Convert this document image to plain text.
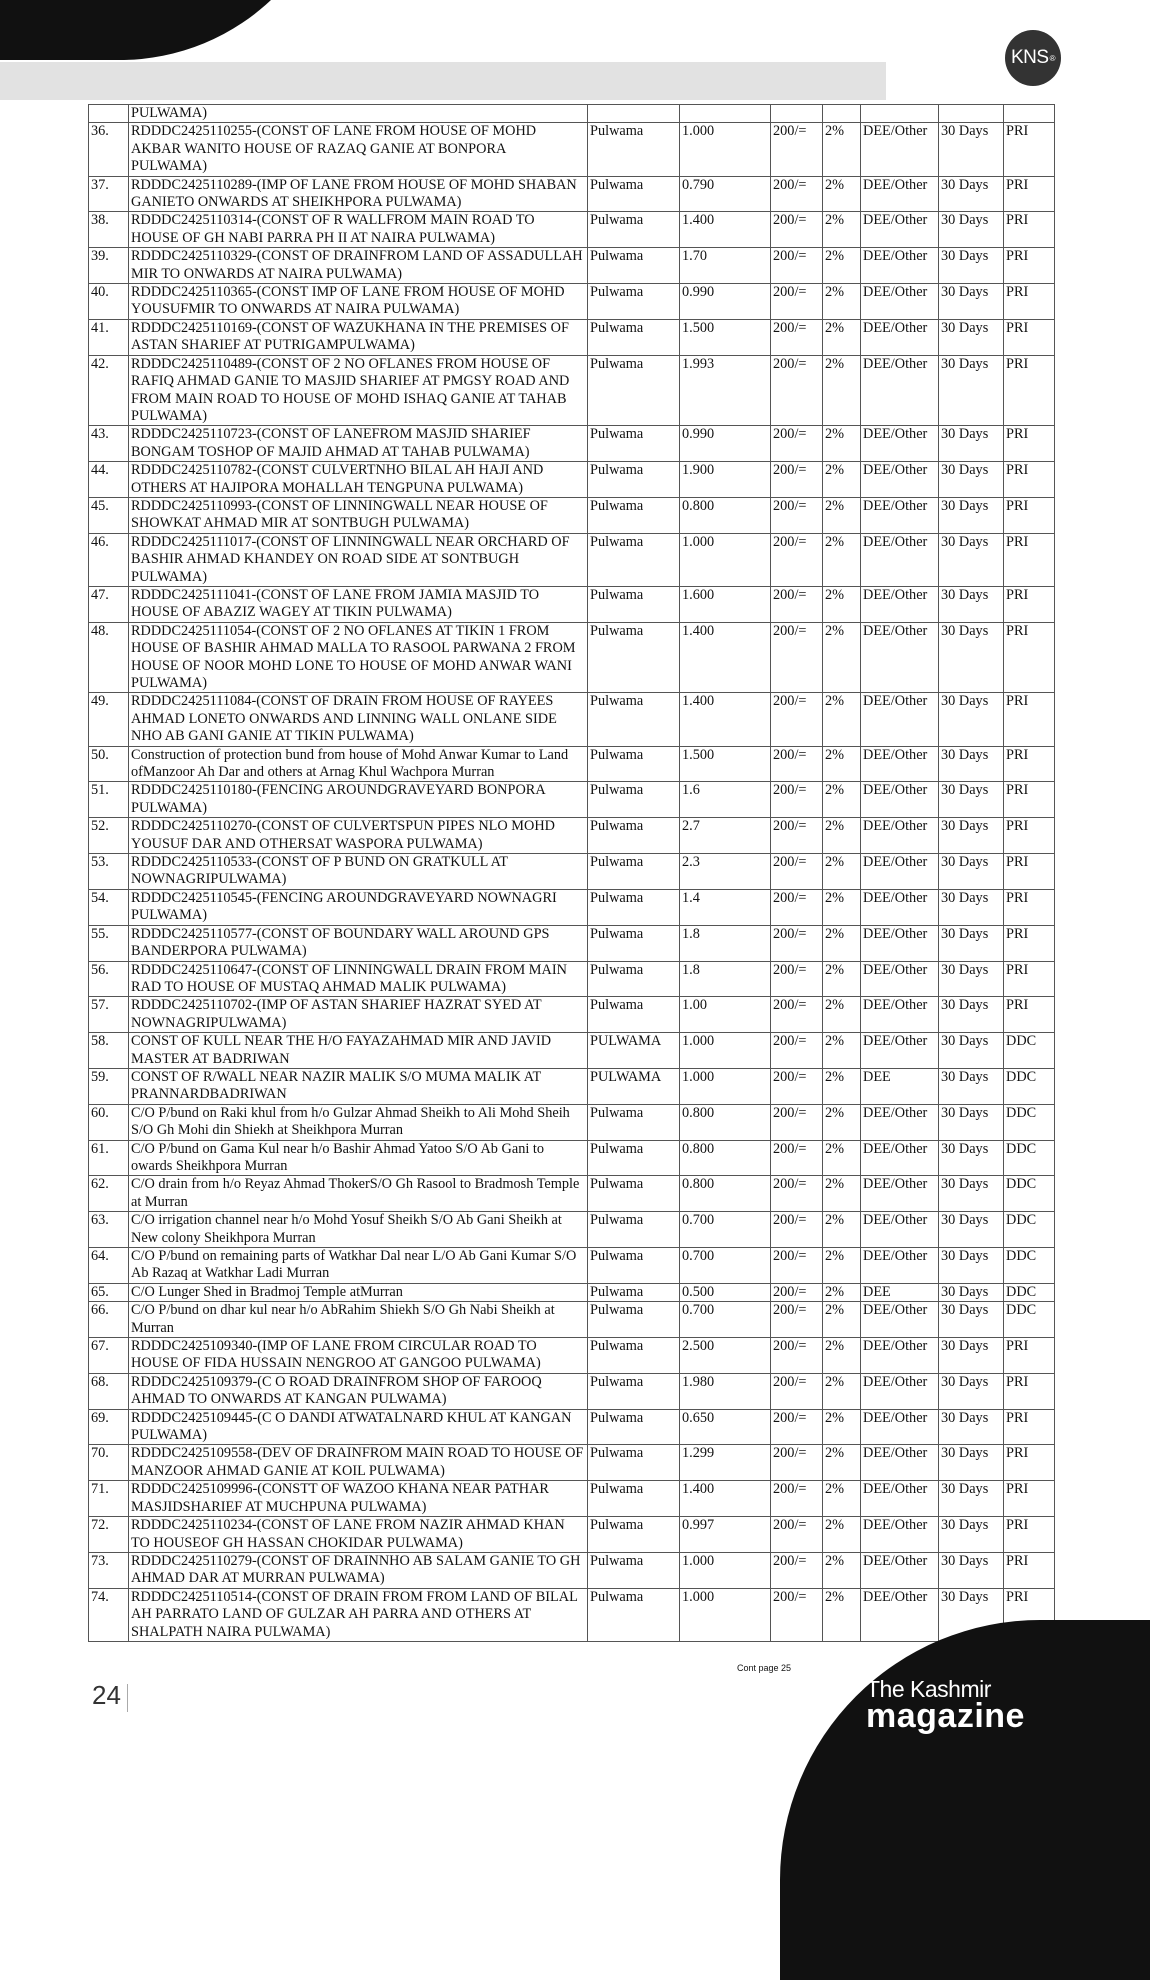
KNS ®
	PULWAMA)							
36.	RDDDC2425110255-(CONST OF LANE FROM HOUSE OF MOHD AKBAR WANITO HOUSE OF RAZAQ GANIE AT BONPORA PULWAMA)	Pulwama	1.000	200/=	2%	DEE/Other	30 Days	PRI
37.	RDDDC2425110289-(IMP OF LANE FROM HOUSE OF MOHD SHABAN GANIETO ONWARDS AT SHEIKHPORA PULWAMA)	Pulwama	0.790	200/=	2%	DEE/Other	30 Days	PRI
38.	RDDDC2425110314-(CONST OF R WALLFROM MAIN ROAD TO HOUSE OF GH NABI PARRA PH II AT NAIRA PULWAMA)	Pulwama	1.400	200/=	2%	DEE/Other	30 Days	PRI
39.	RDDDC2425110329-(CONST OF DRAINFROM LAND OF ASSADULLAH MIR TO ONWARDS AT NAIRA PULWAMA)	Pulwama	1.70	200/=	2%	DEE/Other	30 Days	PRI
40.	RDDDC2425110365-(CONST IMP OF LANE FROM HOUSE OF MOHD YOUSUFMIR TO ONWARDS AT NAIRA PULWAMA)	Pulwama	0.990	200/=	2%	DEE/Other	30 Days	PRI
41.	RDDDC2425110169-(CONST OF WAZUKHANA IN THE PREMISES OF ASTAN SHARIEF AT PUTRIGAMPULWAMA)	Pulwama	1.500	200/=	2%	DEE/Other	30 Days	PRI
42.	RDDDC2425110489-(CONST OF 2 NO OFLANES FROM HOUSE OF RAFIQ AHMAD GANIE TO MASJID SHARIEF AT PMGSY ROAD AND FROM MAIN ROAD TO HOUSE OF MOHD ISHAQ GANIE AT TAHAB PULWAMA)	Pulwama	1.993	200/=	2%	DEE/Other	30 Days	PRI
43.	RDDDC2425110723-(CONST OF LANEFROM MASJID SHARIEF BONGAM TOSHOP OF MAJID AHMAD AT TAHAB PULWAMA)	Pulwama	0.990	200/=	2%	DEE/Other	30 Days	PRI
44.	RDDDC2425110782-(CONST CULVERTNHO BILAL AH HAJI AND OTHERS AT HAJIPORA MOHALLAH TENGPUNA PULWAMA)	Pulwama	1.900	200/=	2%	DEE/Other	30 Days	PRI
45.	RDDDC2425110993-(CONST OF LINNINGWALL NEAR HOUSE OF SHOWKAT AHMAD MIR AT SONTBUGH PULWAMA)	Pulwama	0.800	200/=	2%	DEE/Other	30 Days	PRI
46.	RDDDC2425111017-(CONST OF LINNINGWALL NEAR ORCHARD OF BASHIR AHMAD KHANDEY ON ROAD SIDE AT SONTBUGH PULWAMA)	Pulwama	1.000	200/=	2%	DEE/Other	30 Days	PRI
47.	RDDDC2425111041-(CONST OF LANE FROM JAMIA MASJID TO HOUSE OF ABAZIZ WAGEY AT TIKIN PULWAMA)	Pulwama	1.600	200/=	2%	DEE/Other	30 Days	PRI
48.	RDDDC2425111054-(CONST OF 2 NO OFLANES AT TIKIN 1 FROM HOUSE OF BASHIR AHMAD MALLA TO RASOOL PARWANA 2 FROM HOUSE OF NOOR MOHD LONE TO HOUSE OF MOHD ANWAR WANI PULWAMA)	Pulwama	1.400	200/=	2%	DEE/Other	30 Days	PRI
49.	RDDDC2425111084-(CONST OF DRAIN FROM HOUSE OF RAYEES AHMAD LONETO ONWARDS AND LINNING WALL ONLANE SIDE NHO AB GANI GANIE AT TIKIN PULWAMA)	Pulwama	1.400	200/=	2%	DEE/Other	30 Days	PRI
50.	Construction of protection bund from house of Mohd Anwar Kumar to Land ofManzoor Ah Dar and others at Arnag Khul Wachpora Murran	Pulwama	1.500	200/=	2%	DEE/Other	30 Days	PRI
51.	RDDDC2425110180-(FENCING AROUNDGRAVEYARD BONPORA PULWAMA)	Pulwama	1.6	200/=	2%	DEE/Other	30 Days	PRI
52.	RDDDC2425110270-(CONST OF CULVERTSPUN PIPES NLO MOHD YOUSUF DAR AND OTHERSAT WASPORA PULWAMA)	Pulwama	2.7	200/=	2%	DEE/Other	30 Days	PRI
53.	RDDDC2425110533-(CONST OF P BUND ON GRATKULL AT NOWNAGRIPULWAMA)	Pulwama	2.3	200/=	2%	DEE/Other	30 Days	PRI
54.	RDDDC2425110545-(FENCING AROUNDGRAVEYARD NOWNAGRI PULWAMA)	Pulwama	1.4	200/=	2%	DEE/Other	30 Days	PRI
55.	RDDDC2425110577-(CONST OF BOUNDARY WALL AROUND GPS BANDERPORA PULWAMA)	Pulwama	1.8	200/=	2%	DEE/Other	30 Days	PRI
56.	RDDDC2425110647-(CONST OF LINNINGWALL DRAIN FROM MAIN RAD TO HOUSE OF MUSTAQ AHMAD MALIK PULWAMA)	Pulwama	1.8	200/=	2%	DEE/Other	30 Days	PRI
57.	RDDDC2425110702-(IMP OF ASTAN SHARIEF HAZRAT SYED AT NOWNAGRIPULWAMA)	Pulwama	1.00	200/=	2%	DEE/Other	30 Days	PRI
58.	CONST OF KULL NEAR THE H/O FAYAZAHMAD MIR AND JAVID MASTER AT BADRIWAN	PULWAMA	1.000	200/=	2%	DEE/Other	30 Days	DDC
59.	CONST OF R/WALL NEAR NAZIR MALIK S/O MUMA MALIK AT PRANNARDBADRIWAN	PULWAMA	1.000	200/=	2%	DEE	30 Days	DDC
60.	C/O P/bund on Raki khul from h/o Gulzar Ahmad Sheikh to Ali Mohd Sheih S/O Gh Mohi din Shiekh at Sheikhpora Murran	Pulwama	0.800	200/=	2%	DEE/Other	30 Days	DDC
61.	C/O P/bund on Gama Kul near h/o Bashir Ahmad Yatoo S/O Ab Gani to owards Sheikhpora Murran	Pulwama	0.800	200/=	2%	DEE/Other	30 Days	DDC
62.	C/O drain from h/o Reyaz Ahmad ThokerS/O Gh Rasool to Bradmosh Temple at Murran	Pulwama	0.800	200/=	2%	DEE/Other	30 Days	DDC
63.	C/O irrigation channel near h/o Mohd Yosuf Sheikh S/O Ab Gani Sheikh at New colony Sheikhpora Murran	Pulwama	0.700	200/=	2%	DEE/Other	30 Days	DDC
64.	C/O P/bund on remaining parts of Watkhar Dal near L/O Ab Gani Kumar S/O Ab Razaq at Watkhar Ladi Murran	Pulwama	0.700	200/=	2%	DEE/Other	30 Days	DDC
65.	C/O Lunger Shed in Bradmoj Temple atMurran	Pulwama	0.500	200/=	2%	DEE	30 Days	DDC
66.	C/O P/bund on dhar kul near h/o AbRahim Shiekh S/O Gh Nabi Sheikh at Murran	Pulwama	0.700	200/=	2%	DEE/Other	30 Days	DDC
67.	RDDDC2425109340-(IMP OF LANE FROM CIRCULAR ROAD TO HOUSE OF FIDA HUSSAIN NENGROO AT GANGOO PULWAMA)	Pulwama	2.500	200/=	2%	DEE/Other	30 Days	PRI
68.	RDDDC2425109379-(C O ROAD DRAINFROM SHOP OF FAROOQ AHMAD TO ONWARDS AT KANGAN PULWAMA)	Pulwama	1.980	200/=	2%	DEE/Other	30 Days	PRI
69.	RDDDC2425109445-(C O DANDI ATWATALNARD KHUL AT KANGAN PULWAMA)	Pulwama	0.650	200/=	2%	DEE/Other	30 Days	PRI
70.	RDDDC2425109558-(DEV OF DRAINFROM MAIN ROAD TO HOUSE OF MANZOOR AHMAD GANIE AT KOIL PULWAMA)	Pulwama	1.299	200/=	2%	DEE/Other	30 Days	PRI
71.	RDDDC2425109996-(CONSTT OF WAZOO KHANA NEAR PATHAR MASJIDSHARIEF AT MUCHPUNA PULWAMA)	Pulwama	1.400	200/=	2%	DEE/Other	30 Days	PRI
72.	RDDDC2425110234-(CONST OF LANE FROM NAZIR AHMAD KHAN TO HOUSEOF GH HASSAN CHOKIDAR PULWAMA)	Pulwama	0.997	200/=	2%	DEE/Other	30 Days	PRI
73.	RDDDC2425110279-(CONST OF DRAINNHO AB SALAM GANIE TO GH AHMAD DAR AT MURRAN PULWAMA)	Pulwama	1.000	200/=	2%	DEE/Other	30 Days	PRI
74.	RDDDC2425110514-(CONST OF DRAIN FROM FROM LAND OF BILAL AH PARRATO LAND OF GULZAR AH PARRA AND OTHERS AT SHALPATH NAIRA PULWAMA)	Pulwama	1.000	200/=	2%	DEE/Other	30 Days	PRI
Cont page 25
24	The Kashmir
magazine
